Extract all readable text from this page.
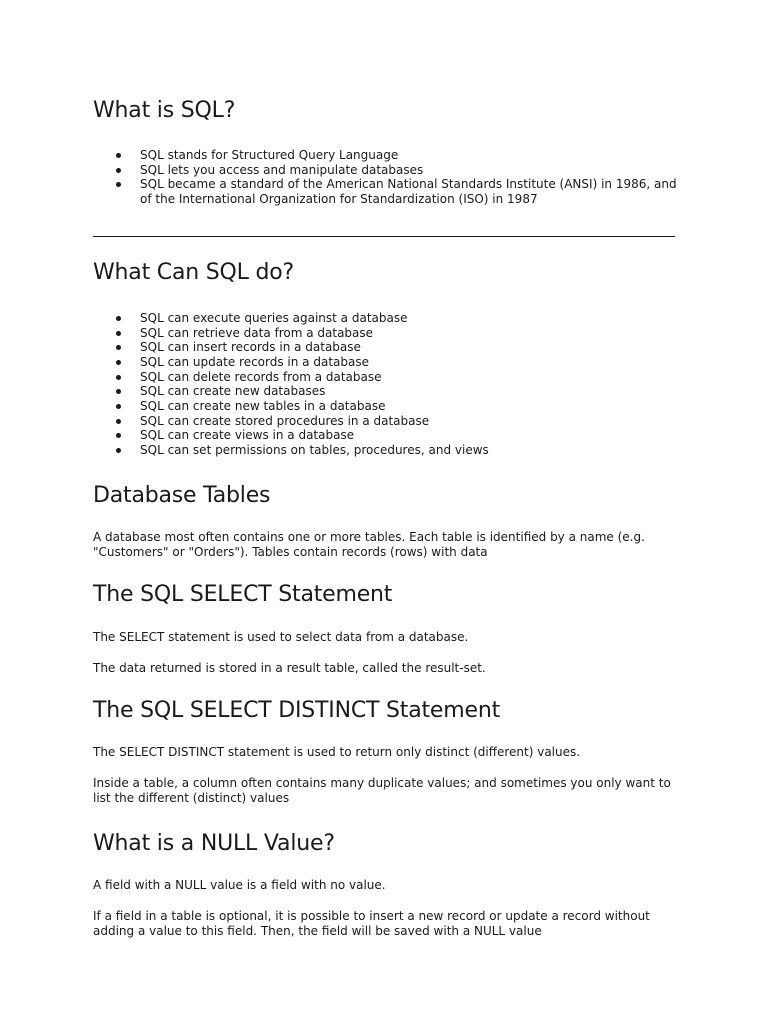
What is SQL?
SQL stands for Structured Query Language
SQL lets you access and manipulate databases
SQL became a standard of the American National Standards Institute (ANSI) in 1986, and of the International Organization for Standardization (ISO) in 1987
What Can SQL do?
SQL can execute queries against a database
SQL can retrieve data from a database
SQL can insert records in a database
SQL can update records in a database
SQL can delete records from a database
SQL can create new databases
SQL can create new tables in a database
SQL can create stored procedures in a database
SQL can create views in a database
SQL can set permissions on tables, procedures, and views
Database Tables

A database most often contains one or more tables. Each table is identified by a name (e.g. "Customers" or "Orders"). Tables contain records (rows) with data

The SQL SELECT Statement

The SELECT statement is used to select data from a database.

The data returned is stored in a result table, called the result-set.

The SQL SELECT DISTINCT Statement

The SELECT DISTINCT statement is used to return only distinct (different) values.

Inside a table, a column often contains many duplicate values; and sometimes you only want to list the different (distinct) values

What is a NULL Value?

A field with a NULL value is a field with no value.

If a field in a table is optional, it is possible to insert a new record or update a record without adding a value to this field. Then, the field will be saved with a NULL value
